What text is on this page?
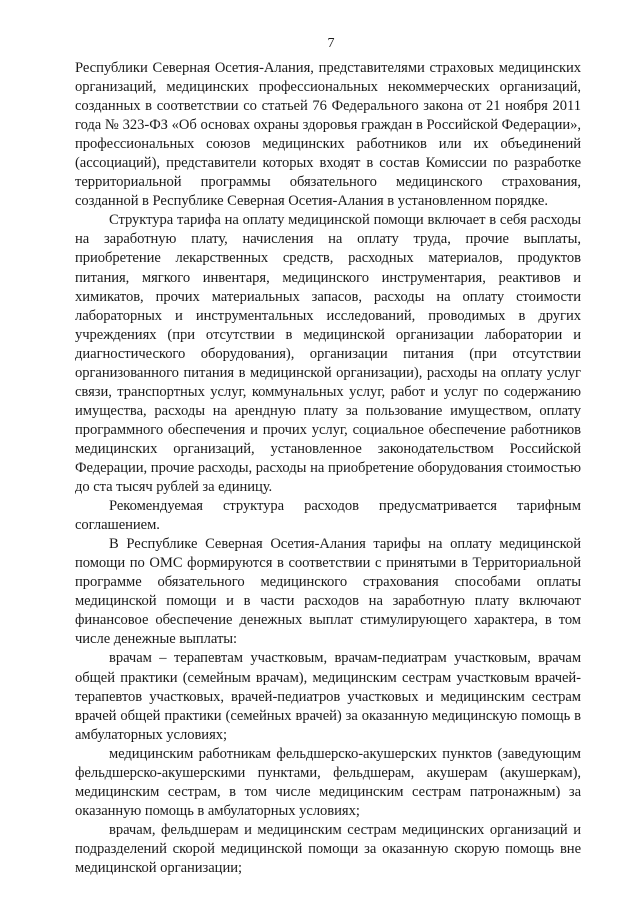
7

Республики Северная Осетия-Алания, представителями страховых медицинских организаций, медицинских профессиональных некоммерческих организаций, созданных в соответствии со статьей 76 Федерального закона от 21 ноября 2011 года № 323-ФЗ «Об основах охраны здоровья граждан в Российской Федерации», профессиональных союзов медицинских работников или их объединений (ассоциаций), представители которых входят в состав Комиссии по разработке территориальной программы обязательного медицинского страхования, созданной в Республике Северная Осетия-Алания в установленном порядке.

Структура тарифа на оплату медицинской помощи включает в себя расходы на заработную плату, начисления на оплату труда, прочие выплаты, приобретение лекарственных средств, расходных материалов, продуктов питания, мягкого инвентаря, медицинского инструментария, реактивов и химикатов, прочих материальных запасов, расходы на оплату стоимости лабораторных и инструментальных исследований, проводимых в других учреждениях (при отсутствии в медицинской организации лаборатории и диагностического оборудования), организации питания (при отсутствии организованного питания в медицинской организации), расходы на оплату услуг связи, транспортных услуг, коммунальных услуг, работ и услуг по содержанию имущества, расходы на арендную плату за пользование имуществом, оплату программного обеспечения и прочих услуг, социальное обеспечение работников медицинских организаций, установленное законодательством Российской Федерации, прочие расходы, расходы на приобретение оборудования стоимостью до ста тысяч рублей за единицу.

Рекомендуемая структура расходов предусматривается тарифным соглашением.

В Республике Северная Осетия-Алания тарифы на оплату медицинской помощи по ОМС формируются в соответствии с принятыми в Территориальной программе обязательного медицинского страхования способами оплаты медицинской помощи и в части расходов на заработную плату включают финансовое обеспечение денежных выплат стимулирующего характера, в том числе денежные выплаты:

врачам – терапевтам участковым, врачам-педиатрам участковым, врачам общей практики (семейным врачам), медицинским сестрам участковым врачей-терапевтов участковых, врачей-педиатров участковых и медицинским сестрам врачей общей практики (семейных врачей) за оказанную медицинскую помощь в амбулаторных условиях;

медицинским работникам фельдшерско-акушерских пунктов (заведующим фельдшерско-акушерскими пунктами, фельдшерам, акушерам (акушеркам), медицинским сестрам, в том числе медицинским сестрам патронажным) за оказанную помощь в амбулаторных условиях;

врачам, фельдшерам и медицинским сестрам медицинских организаций и подразделений скорой медицинской помощи за оказанную скорую помощь вне медицинской организации;
